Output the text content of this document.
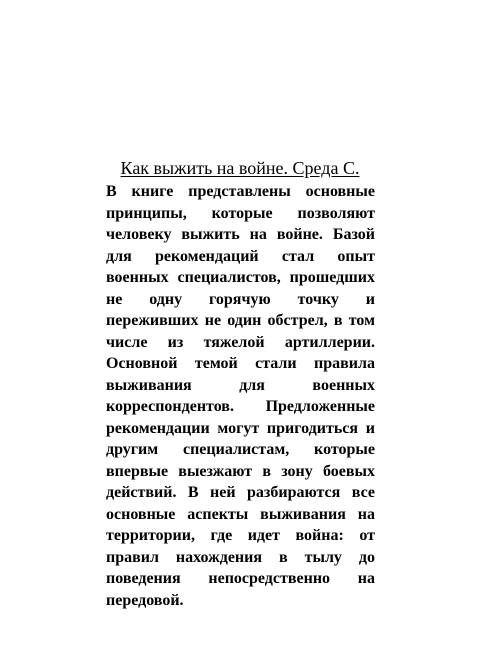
Как выжить на войне. Среда С.

В книге представлены основные принципы, которые позволяют человеку выжить на войне. Базой для рекомендаций стал опыт военных специалистов, прошедших не одну горячую точку и переживших не один обстрел, в том числе из тяжелой артиллерии. Основной темой стали правила выживания для военных корреспондентов. Предложенные рекомендации могут пригодиться и другим специалистам, которые впервые выезжают в зону боевых действий. В ней разбираются все основные аспекты выживания на территории, где идет война: от правил нахождения в тылу до поведения непосредственно на передовой.
